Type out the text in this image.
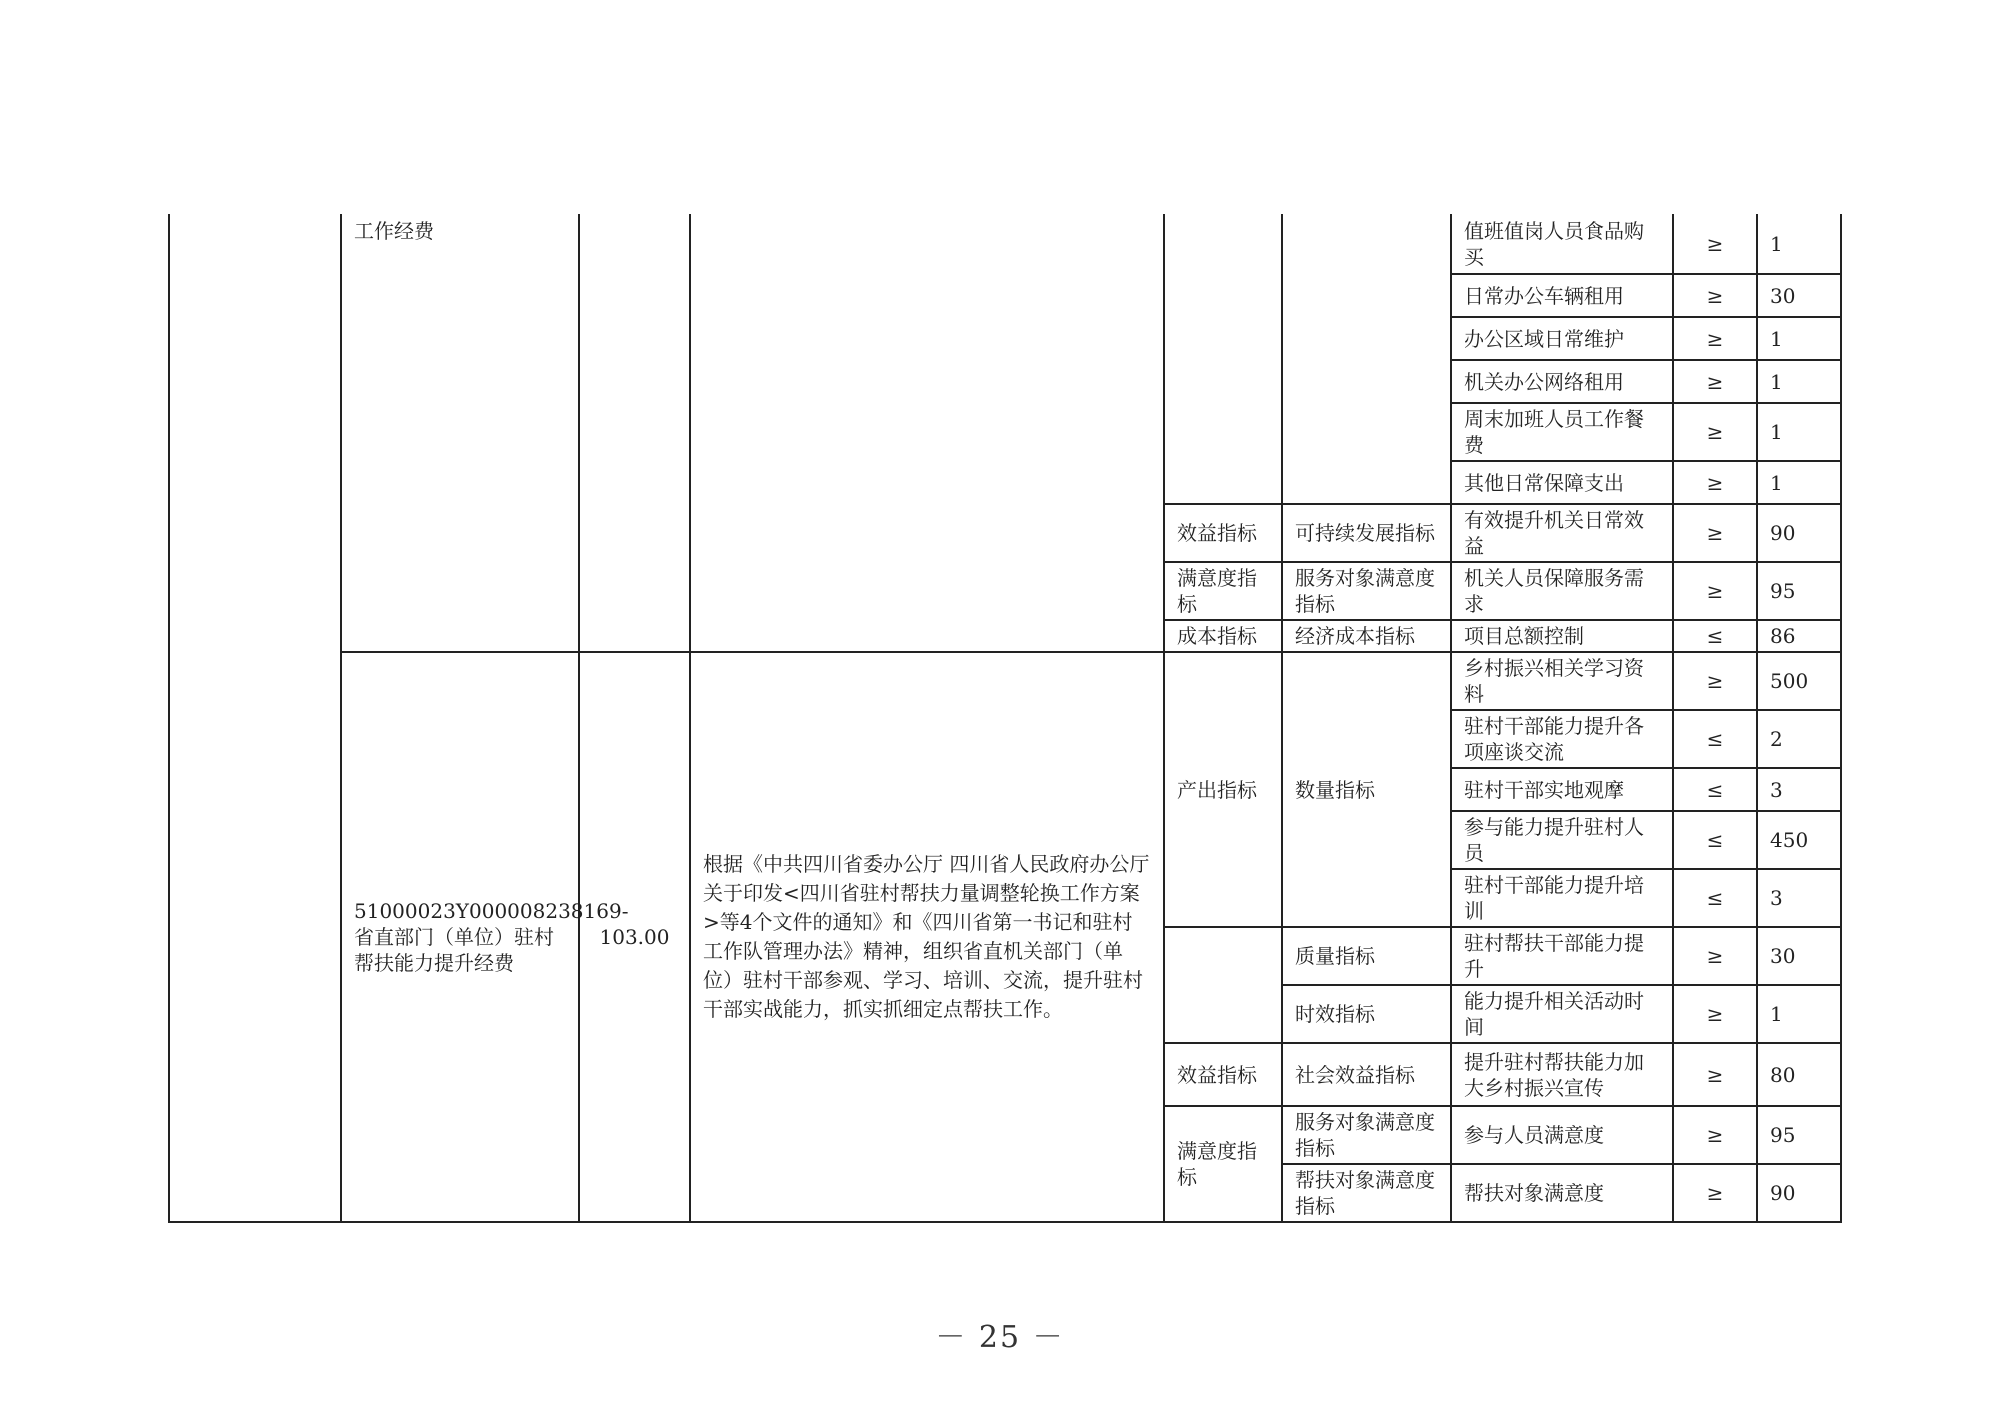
	工作经费					值班值岗人员食品购买	≥	1
						日常办公车辆租用	≥	30
						办公区域日常维护	≥	1
						机关办公网络租用	≥	1
						周末加班人员工作餐费	≥	1
						其他日常保障支出	≥	1
				效益指标	可持续发展指标	有效提升机关日常效益	≥	90
				满意度指标	服务对象满意度指标	机关人员保障服务需求	≥	95
				成本指标	经济成本指标	项目总额控制	≤	86
	51000023Y000008238169-省直部门（单位）驻村帮扶能力提升经费	103.00	根据《中共四川省委办公厅 四川省人民政府办公厅关于印发<四川省驻村帮扶力量调整轮换工作方案>等4个文件的通知》和《四川省第一书记和驻村工作队管理办法》精神，组织省直机关部门（单位）驻村干部参观、学习、培训、交流，提升驻村干部实战能力，抓实抓细定点帮扶工作。	产出指标	数量指标	乡村振兴相关学习资料	≥	500
						驻村干部能力提升各项座谈交流	≤	2
						驻村干部实地观摩	≤	3
						参与能力提升驻村人员	≤	450
						驻村干部能力提升培训	≤	3
					质量指标	驻村帮扶干部能力提升	≥	30
					时效指标	能力提升相关活动时间	≥	1
				效益指标	社会效益指标	提升驻村帮扶能力加大乡村振兴宣传	≥	80
				满意度指标	服务对象满意度指标	参与人员满意度	≥	95
					帮扶对象满意度指标	帮扶对象满意度	≥	90
－ 25 －
